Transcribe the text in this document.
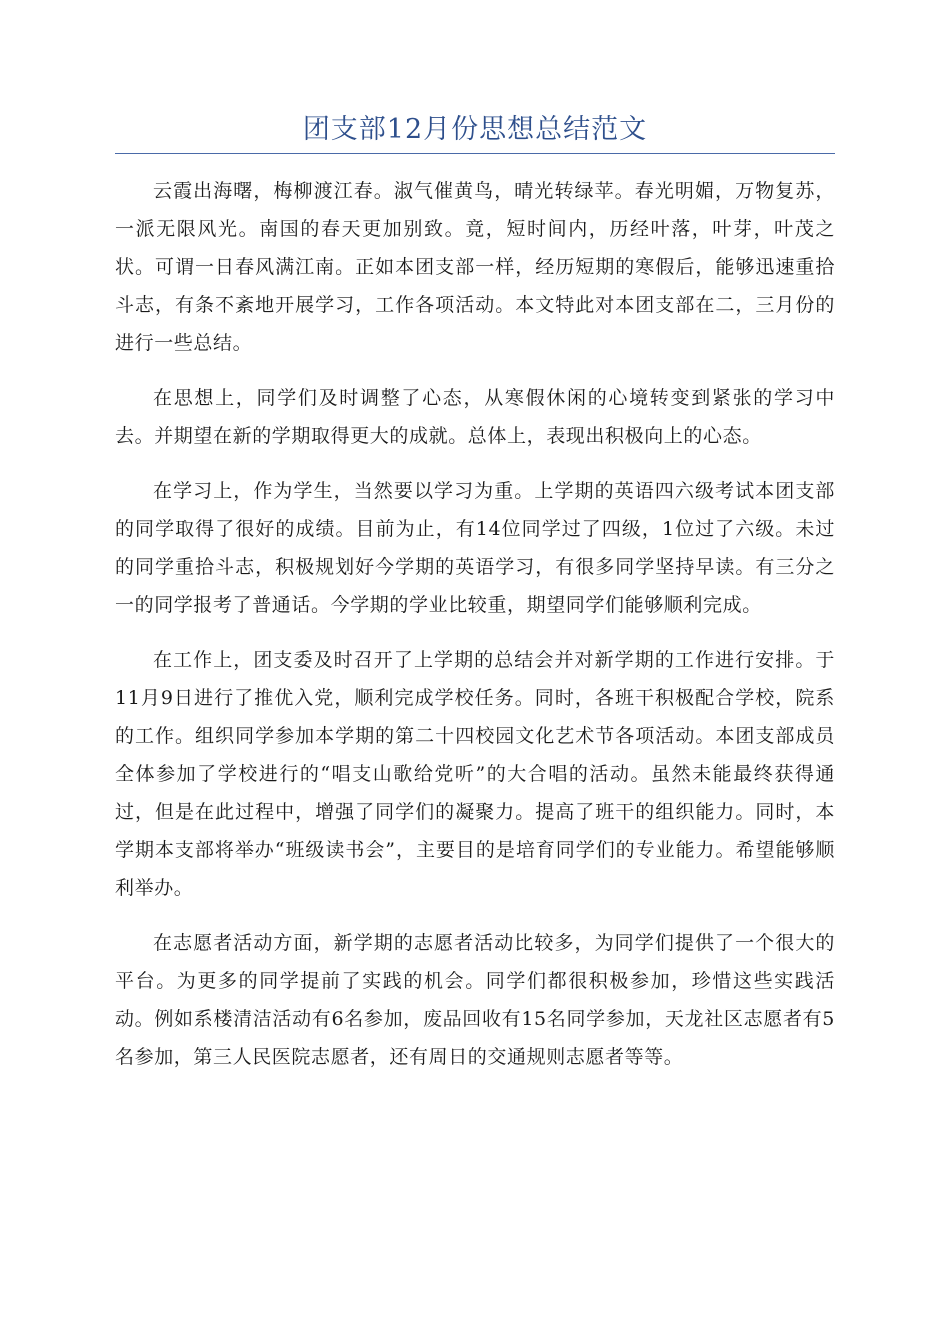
团支部12月份思想总结范文

云霞出海曙，梅柳渡江春。淑气催黄鸟，晴光转绿苹。春光明媚，万物复苏，一派无限风光。南国的春天更加别致。竟，短时间内，历经叶落，叶芽，叶茂之状。可谓一日春风满江南。正如本团支部一样，经历短期的寒假后，能够迅速重拾斗志，有条不紊地开展学习，工作各项活动。本文特此对本团支部在二，三月份的进行一些总结。

在思想上，同学们及时调整了心态，从寒假休闲的心境转变到紧张的学习中去。并期望在新的学期取得更大的成就。总体上，表现出积极向上的心态。

在学习上，作为学生，当然要以学习为重。上学期的英语四六级考试本团支部的同学取得了很好的成绩。目前为止，有14位同学过了四级，1位过了六级。未过的同学重拾斗志，积极规划好今学期的英语学习，有很多同学坚持早读。有三分之一的同学报考了普通话。今学期的学业比较重，期望同学们能够顺利完成。

在工作上，团支委及时召开了上学期的总结会并对新学期的工作进行安排。于11月9日进行了推优入党，顺利完成学校任务。同时，各班干积极配合学校，院系的工作。组织同学参加本学期的第二十四校园文化艺术节各项活动。本团支部成员全体参加了学校进行的“唱支山歌给党听”的大合唱的活动。虽然未能最终获得通过，但是在此过程中，增强了同学们的凝聚力。提高了班干的组织能力。同时，本学期本支部将举办“班级读书会”，主要目的是培育同学们的专业能力。希望能够顺利举办。

在志愿者活动方面，新学期的志愿者活动比较多，为同学们提供了一个很大的平台。为更多的同学提前了实践的机会。同学们都很积极参加，珍惜这些实践活动。例如系楼清洁活动有6名参加，废品回收有15名同学参加，天龙社区志愿者有5名参加，第三人民医院志愿者，还有周日的交通规则志愿者等等。
